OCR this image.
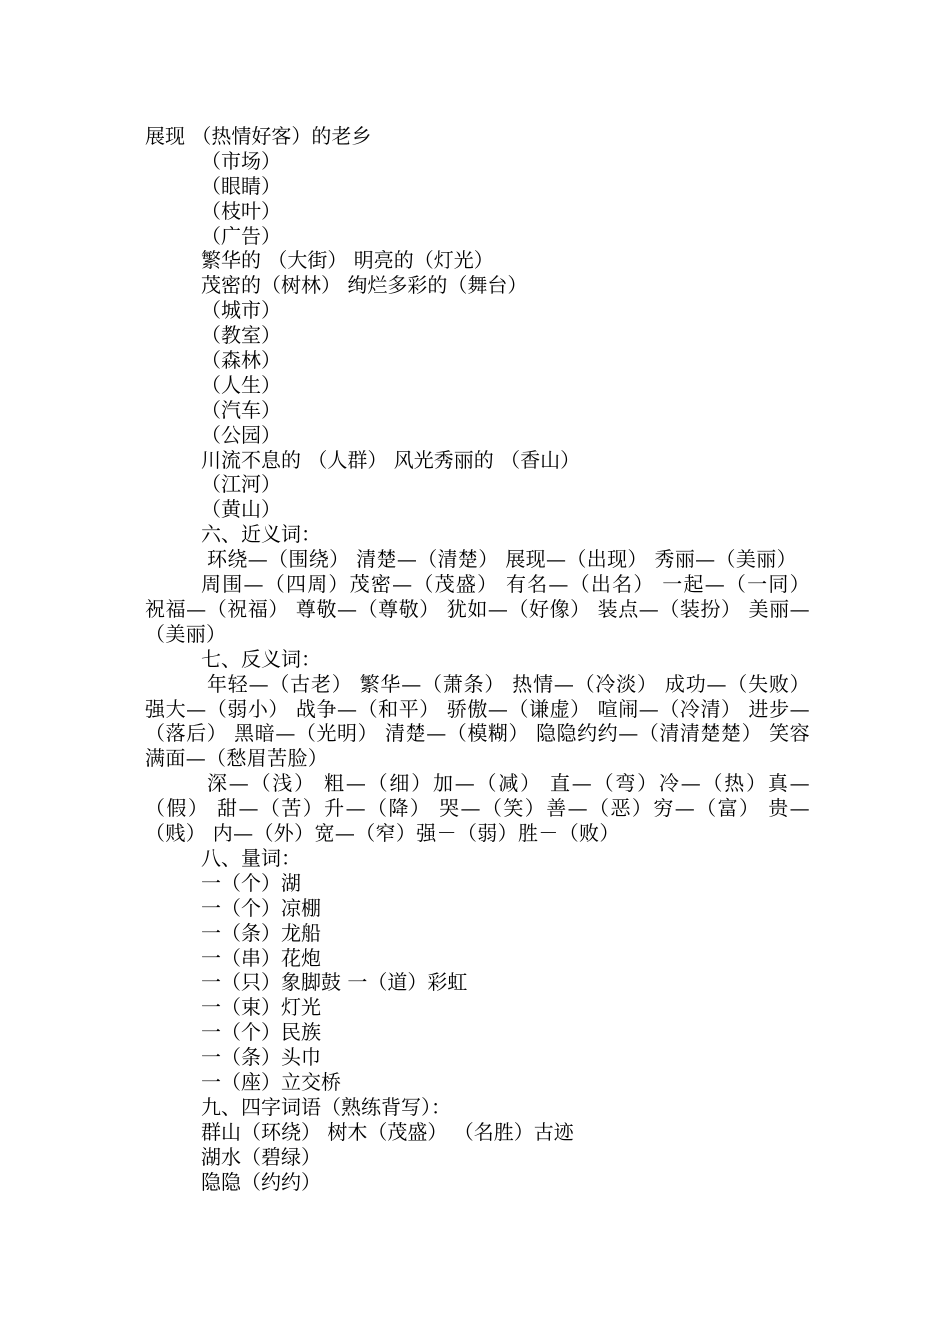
展现 （热情好客）的老乡
（市场）
（眼睛）
（枝叶）
（广告）
繁华的 （大街） 明亮的（灯光）
茂密的（树林） 绚烂多彩的（舞台）
（城市）
（教室）
（森林）
（人生）
（汽车）
（公园）
川流不息的 （人群） 风光秀丽的 （香山）
（江河）
（黄山）
六、近义词：
环绕—（围绕） 清楚—（清楚） 展现—（出现） 秀丽—（美丽）
周围—（四周）茂密—（茂盛） 有名—（出名） 一起—（一同） 祝福—（祝福） 尊敬—（尊敬） 犹如—（好像） 装点—（装扮） 美丽—（美丽）
七、反义词：
年轻—（古老） 繁华—（萧条） 热情—（冷淡） 成功—（失败） 强大—（弱小） 战争—（和平） 骄傲—（谦虚） 喧闹—（冷清） 进步—（落后） 黑暗—（光明） 清楚—（模糊） 隐隐约约—（清清楚楚） 笑容满面—（愁眉苦脸）
深—（浅） 粗—（细）加—（减） 直—（弯）冷—（热）真—（假） 甜—（苦）升—（降） 哭—（笑）善—（恶）穷—（富） 贵—（贱） 内—（外）宽—（窄）强－（弱）胜－（败）
八、量词：
一（个）湖
一（个）凉棚
一（条）龙船
一（串）花炮
一（只）象脚鼓 一（道）彩虹
一（束）灯光
一（个）民族
一（条）头巾
一（座）立交桥
九、四字词语（熟练背写）：
群山（环绕） 树木（茂盛） （名胜）古迹
湖水（碧绿）
隐隐（约约）
